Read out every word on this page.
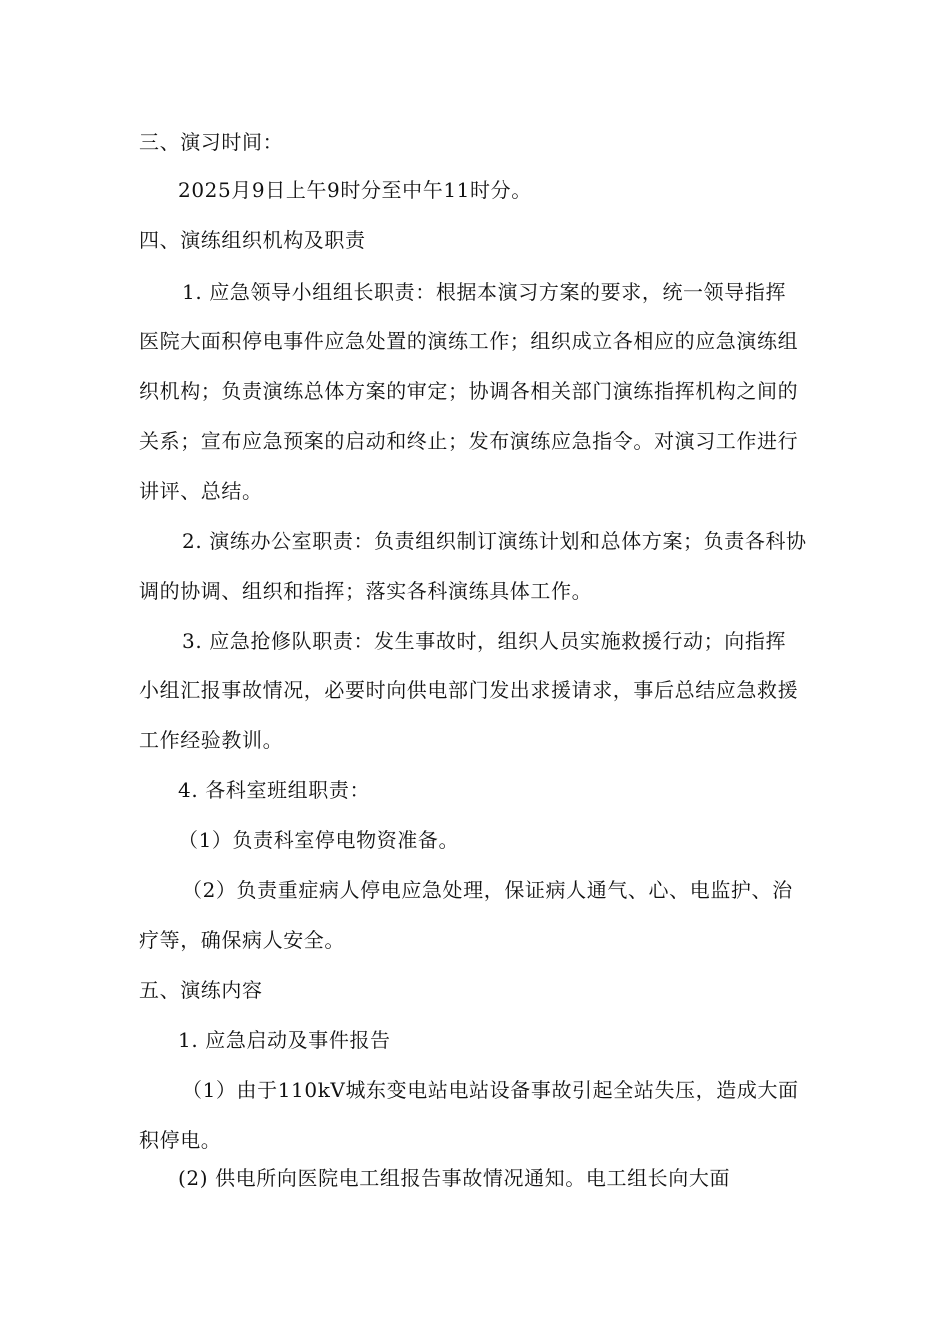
三、演习时间：
2025月9日上午9时分至中午11时分。
四、演练组织机构及职责
1. 应急领导小组组长职责：根据本演习方案的要求，统一领导指挥
医院大面积停电事件应急处置的演练工作；组织成立各相应的应急演练组
织机构；负责演练总体方案的审定；协调各相关部门演练指挥机构之间的
关系；宣布应急预案的启动和终止；发布演练应急指令。对演习工作进行
讲评、总结。
2. 演练办公室职责：负责组织制订演练计划和总体方案；负责各科协
调的协调、组织和指挥；落实各科演练具体工作。
3. 应急抢修队职责：发生事故时，组织人员实施救援行动；向指挥
小组汇报事故情况，必要时向供电部门发出求援请求，事后总结应急救援
工作经验教训。
4. 各科室班组职责：
（1）负责科室停电物资准备。
（2）负责重症病人停电应急处理，保证病人通气、心、电监护、治
疗等，确保病人安全。
五、演练内容
1. 应急启动及事件报告
（1）由于110kV城东变电站电站设备事故引起全站失压，造成大面
积停电。
(2) 供电所向医院电工组报告事故情况通知。电工组长向大面
